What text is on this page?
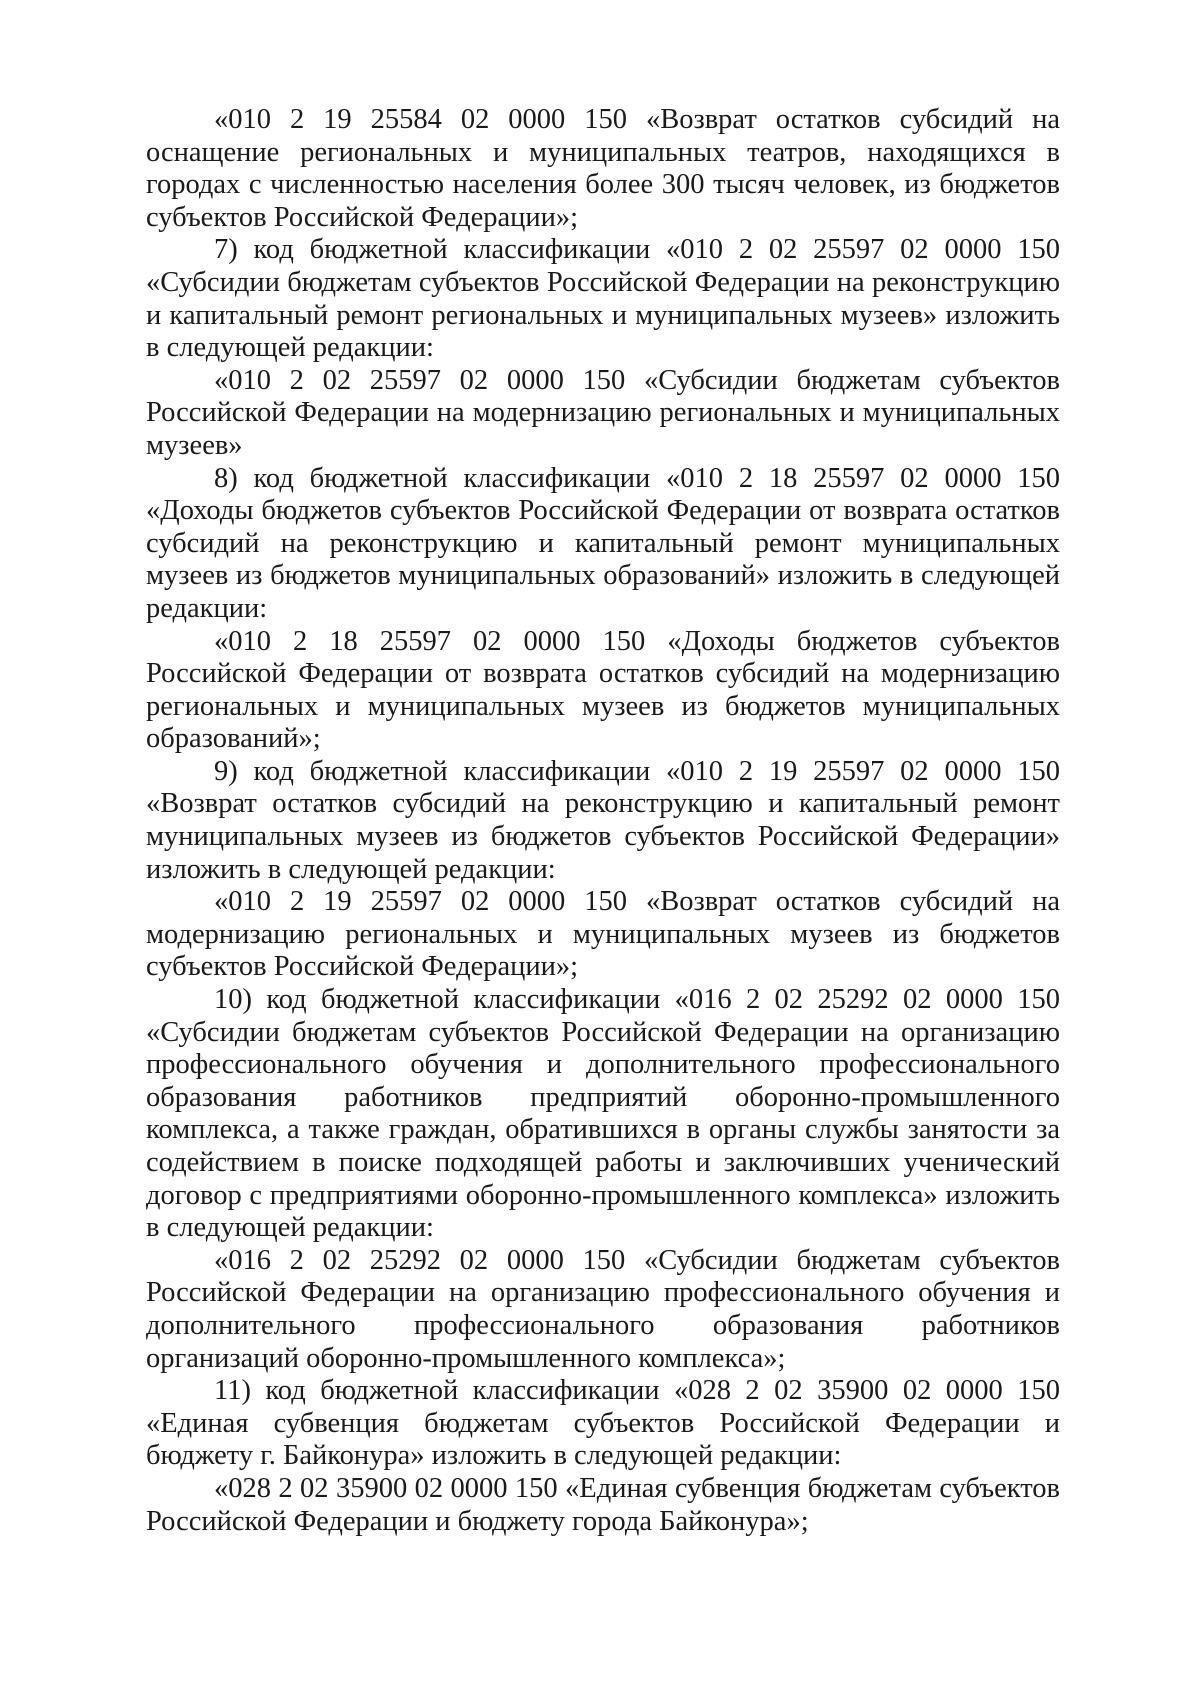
«010 2 19 25584 02 0000 150 «Возврат остатков субсидий на оснащение региональных и муниципальных театров, находящихся в городах с численностью населения более 300 тысяч человек, из бюджетов субъектов Российской Федерации»;

7) код бюджетной классификации «010 2 02 25597 02 0000 150 «Субсидии бюджетам субъектов Российской Федерации на реконструкцию и капитальный ремонт региональных и муниципальных музеев» изложить в следующей редакции:

«010 2 02 25597 02 0000 150 «Субсидии бюджетам субъектов Российской Федерации на модернизацию региональных и муниципальных музеев»

8) код бюджетной классификации «010 2 18 25597 02 0000 150 «Доходы бюджетов субъектов Российской Федерации от возврата остатков субсидий на реконструкцию и капитальный ремонт муниципальных музеев из бюджетов муниципальных образований» изложить в следующей редакции:

«010 2 18 25597 02 0000 150 «Доходы бюджетов субъектов Российской Федерации от возврата остатков субсидий на модернизацию региональных и муниципальных музеев из бюджетов муниципальных образований»;

9) код бюджетной классификации «010 2 19 25597 02 0000 150 «Возврат остатков субсидий на реконструкцию и капитальный ремонт муниципальных музеев из бюджетов субъектов Российской Федерации» изложить в следующей редакции:

«010 2 19 25597 02 0000 150 «Возврат остатков субсидий на модернизацию региональных и муниципальных музеев из бюджетов субъектов Российской Федерации»;

10) код бюджетной классификации «016 2 02 25292 02 0000 150 «Субсидии бюджетам субъектов Российской Федерации на организацию профессионального обучения и дополнительного профессионального образования работников предприятий оборонно-промышленного комплекса, а также граждан, обратившихся в органы службы занятости за содействием в поиске подходящей работы и заключивших ученический договор с предприятиями оборонно-промышленного комплекса» изложить в следующей редакции:

«016 2 02 25292 02 0000 150 «Субсидии бюджетам субъектов Российской Федерации на организацию профессионального обучения и дополнительного профессионального образования работников организаций оборонно-промышленного комплекса»;

11) код бюджетной классификации «028 2 02 35900 02 0000 150 «Единая субвенция бюджетам субъектов Российской Федерации и бюджету г. Байконура» изложить в следующей редакции:

«028 2 02 35900 02 0000 150 «Единая субвенция бюджетам субъектов Российской Федерации и бюджету города Байконура»;
